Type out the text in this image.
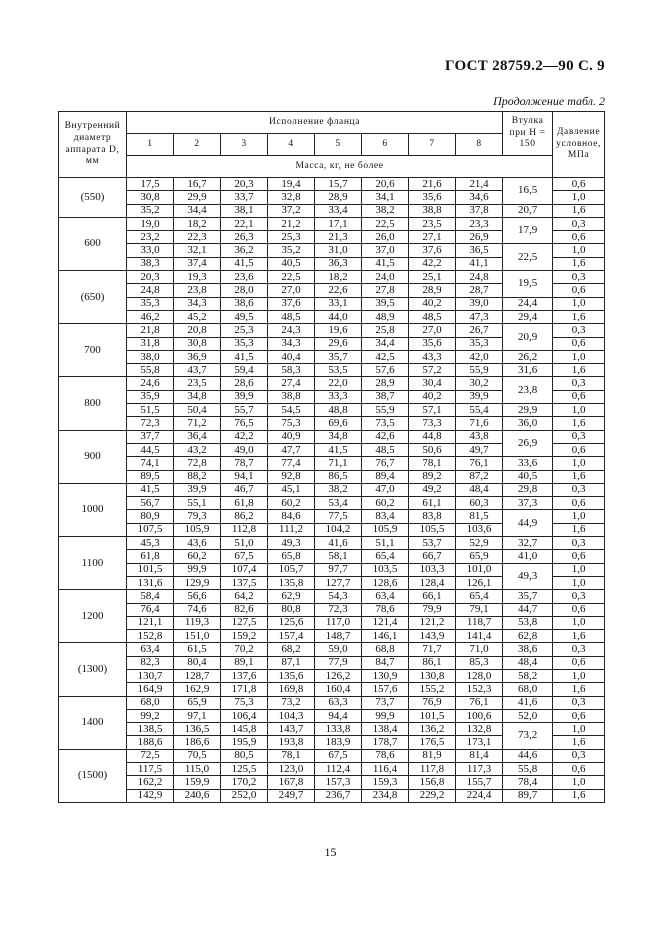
ГОСТ 28759.2—90 С. 9
Продолжение табл. 2
Внутренний диаметр аппарата D, мм	Исполнение фланца								Втулка при H = 150	Давление условное, МПа
	1	2	3	4	5	6	7	8		
	Масса, кг, не более									
(550)	17,5	16,7	20,3	19,4	15,7	20,6	21,6	21,4	16,5	0,6
	30,8	29,9	33,7	32,8	28,9	34,1	35,6	34,6		1,0
	35,2	34,4	38,1	37,2	33,4	38,2	38,8	37,8	20,7	1,6
600	19,0	18,2	22,1	21,2	17,1	22,5	23,5	23,3	17,9	0,3
	23,2	22,3	26,3	25,3	21,3	26,0	27,1	26,9		0,6
	33,0	32,1	36,2	35,2	31,0	37,0	37,6	36,5	22,5	1,0
	38,3	37,4	41,5	40,5	36,3	41,5	42,2	41,1		1,6
(650)	20,3	19,3	23,6	22,5	18,2	24,0	25,1	24,8	19,5	0,3
	24,8	23,8	28,0	27,0	22,6	27,8	28,9	28,7		0,6
	35,3	34,3	38,6	37,6	33,1	39,5	40,2	39,0	24,4	1,0
	46,2	45,2	49,5	48,5	44,0	48,9	48,5	47,3	29,4	1,6
700	21,8	20,8	25,3	24,3	19,6	25,8	27,0	26,7	20,9	0,3
	31,8	30,8	35,3	34,3	29,6	34,4	35,6	35,3		0,6
	38,0	36,9	41,5	40,4	35,7	42,5	43,3	42,0	26,2	1,0
	55,8	43,7	59,4	58,3	53,5	57,6	57,2	55,9	31,6	1,6
800	24,6	23,5	28,6	27,4	22,0	28,9	30,4	30,2	23,8	0,3
	35,9	34,8	39,9	38,8	33,3	38,7	40,2	39,9		0,6
	51,5	50,4	55,7	54,5	48,8	55,9	57,1	55,4	29,9	1,0
	72,3	71,2	76,5	75,3	69,6	73,5	73,3	71,6	36,0	1,6
900	37,7	36,4	42,2	40,9	34,8	42,6	44,8	43,8	26,9	0,3
	44,5	43,2	49,0	47,7	41,5	48,5	50,6	49,7		0,6
	74,1	72,8	78,7	77,4	71,1	76,7	78,1	76,1	33,6	1,0
	89,5	88,2	94,1	92,8	86,5	89,4	89,2	87,2	40,5	1,6
1000	41,5	39,9	46,7	45,1	38,2	47,0	49,2	48,4	29,8	0,3
	56,7	55,1	61,8	60,2	53,4	60,2	61,1	60,3	37,3	0,6
	80,9	79,3	86,2	84,6	77,5	83,4	83,8	81,5	44,9	1,0
	107,5	105,9	112,8	111,2	104,2	105,9	105,5	103,6		1,6
1100	45,3	43,6	51,0	49,3	41,6	51,1	53,7	52,9	32,7	0,3
	61,8	60,2	67,5	65,8	58,1	65,4	66,7	65,9	41,0	0,6
	101,5	99,9	107,4	105,7	97,7	103,5	103,3	101,0	49,3	1,0
	131,6	129,9	137,5	135,8	127,7	128,6	128,4	126,1		1,0
1200	58,4	56,6	64,2	62,9	54,3	63,4	66,1	65,4	35,7	0,3
	76,4	74,6	82,6	80,8	72,3	78,6	79,9	79,1	44,7	0,6
	121,1	119,3	127,5	125,6	117,0	121,4	121,2	118,7	53,8	1,0
	152,8	151,0	159,2	157,4	148,7	146,1	143,9	141,4	62,8	1,6
(1300)	63,4	61,5	70,2	68,2	59,0	68,8	71,7	71,0	38,6	0,3
	82,3	80,4	89,1	87,1	77,9	84,7	86,1	85,3	48,4	0,6
	130,7	128,7	137,6	135,6	126,2	130,9	130,8	128,0	58,2	1,0
	164,9	162,9	171,8	169,8	160,4	157,6	155,2	152,3	68,0	1,6
1400	68,0	65,9	75,3	73,2	63,3	73,7	76,9	76,1	41,6	0,3
	99,2	97,1	106,4	104,3	94,4	99,9	101,5	100,6	52,0	0,6
	138,5	136,5	145,8	143,7	133,8	138,4	136,2	132,8	73,2	1,0
	188,6	186,6	195,9	193,8	183,9	178,7	176,5	173,1		1,6
(1500)	72,5	70,5	80,5	78,1	67,5	78,6	81,9	81,4	44,6	0,3
	117,5	115,0	125,5	123,0	112,4	116,4	117,8	117,3	55,8	0,6
	162,2	159,9	170,2	167,8	157,3	159,3	156,8	155,7	78,4	1,0
	142,9	240,6	252,0	249,7	236,7	234,8	229,2	224,4	89,7	1,6
15
